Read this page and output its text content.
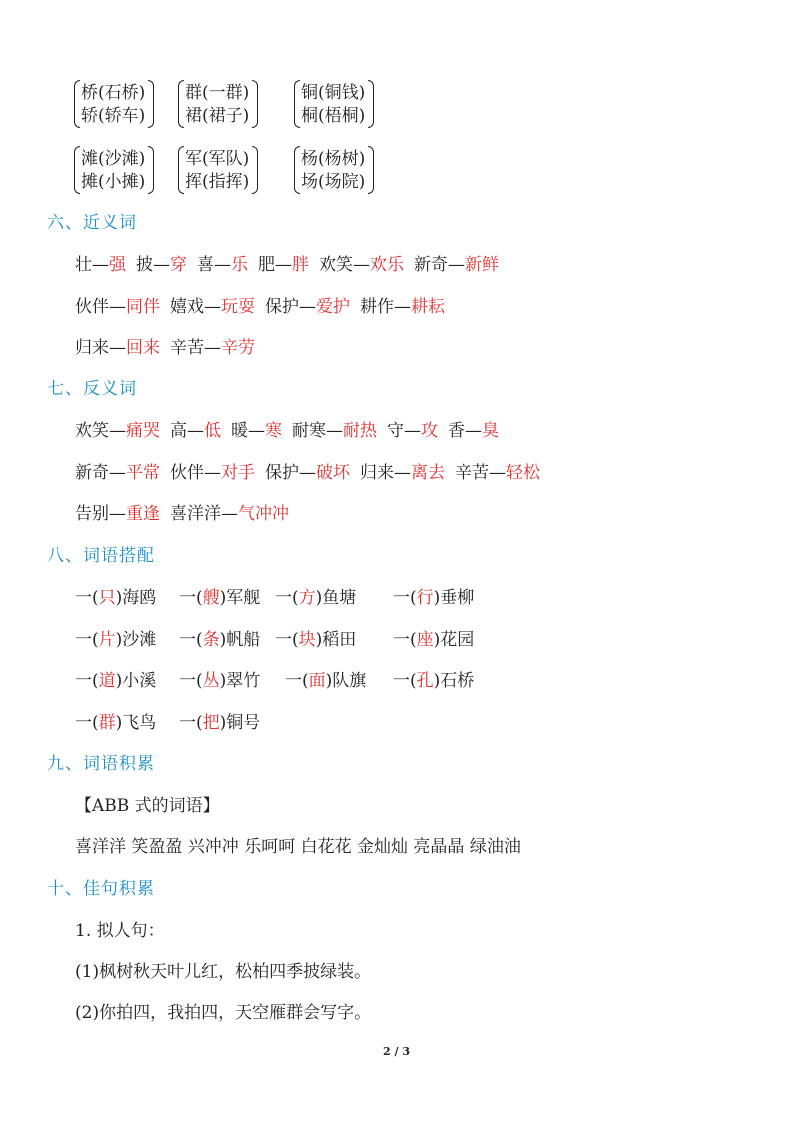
桥(石桥)
轿(轿车)
群(一群)
裙(裙子)
铜(铜钱)
桐(梧桐)
滩(沙滩)
摊(小摊)
军(军队)
挥(指挥)
杨(杨树)
场(场院)
六、近义词
壮—强 披—穿 喜—乐 肥—胖 欢笑—欢乐 新奇—新鲜
伙伴—同伴 嬉戏—玩耍 保护—爱护 耕作—耕耘
归来—回来 辛苦—辛劳
七、反义词
欢笑—痛哭 高—低 暖—寒 耐寒—耐热 守—攻 香—臭
新奇—平常 伙伴—对手 保护—破坏 归来—离去 辛苦—轻松
告别—重逢 喜洋洋—气冲冲
八、词语搭配
一(只)海鸥 一(艘)军舰 一(方)鱼塘 一(行)垂柳
一(片)沙滩 一(条)帆船 一(块)稻田 一(座)花园
一(道)小溪 一(丛)翠竹 一(面)队旗 一(孔)石桥
一(群)飞鸟 一(把)铜号
九、词语积累
【ABB 式的词语】
喜洋洋 笑盈盈 兴冲冲 乐呵呵 白花花 金灿灿 亮晶晶 绿油油
十、佳句积累
1. 拟人句：
(1)枫树秋天叶儿红，松柏四季披绿装。
(2)你拍四，我拍四，天空雁群会写字。
2 / 3
